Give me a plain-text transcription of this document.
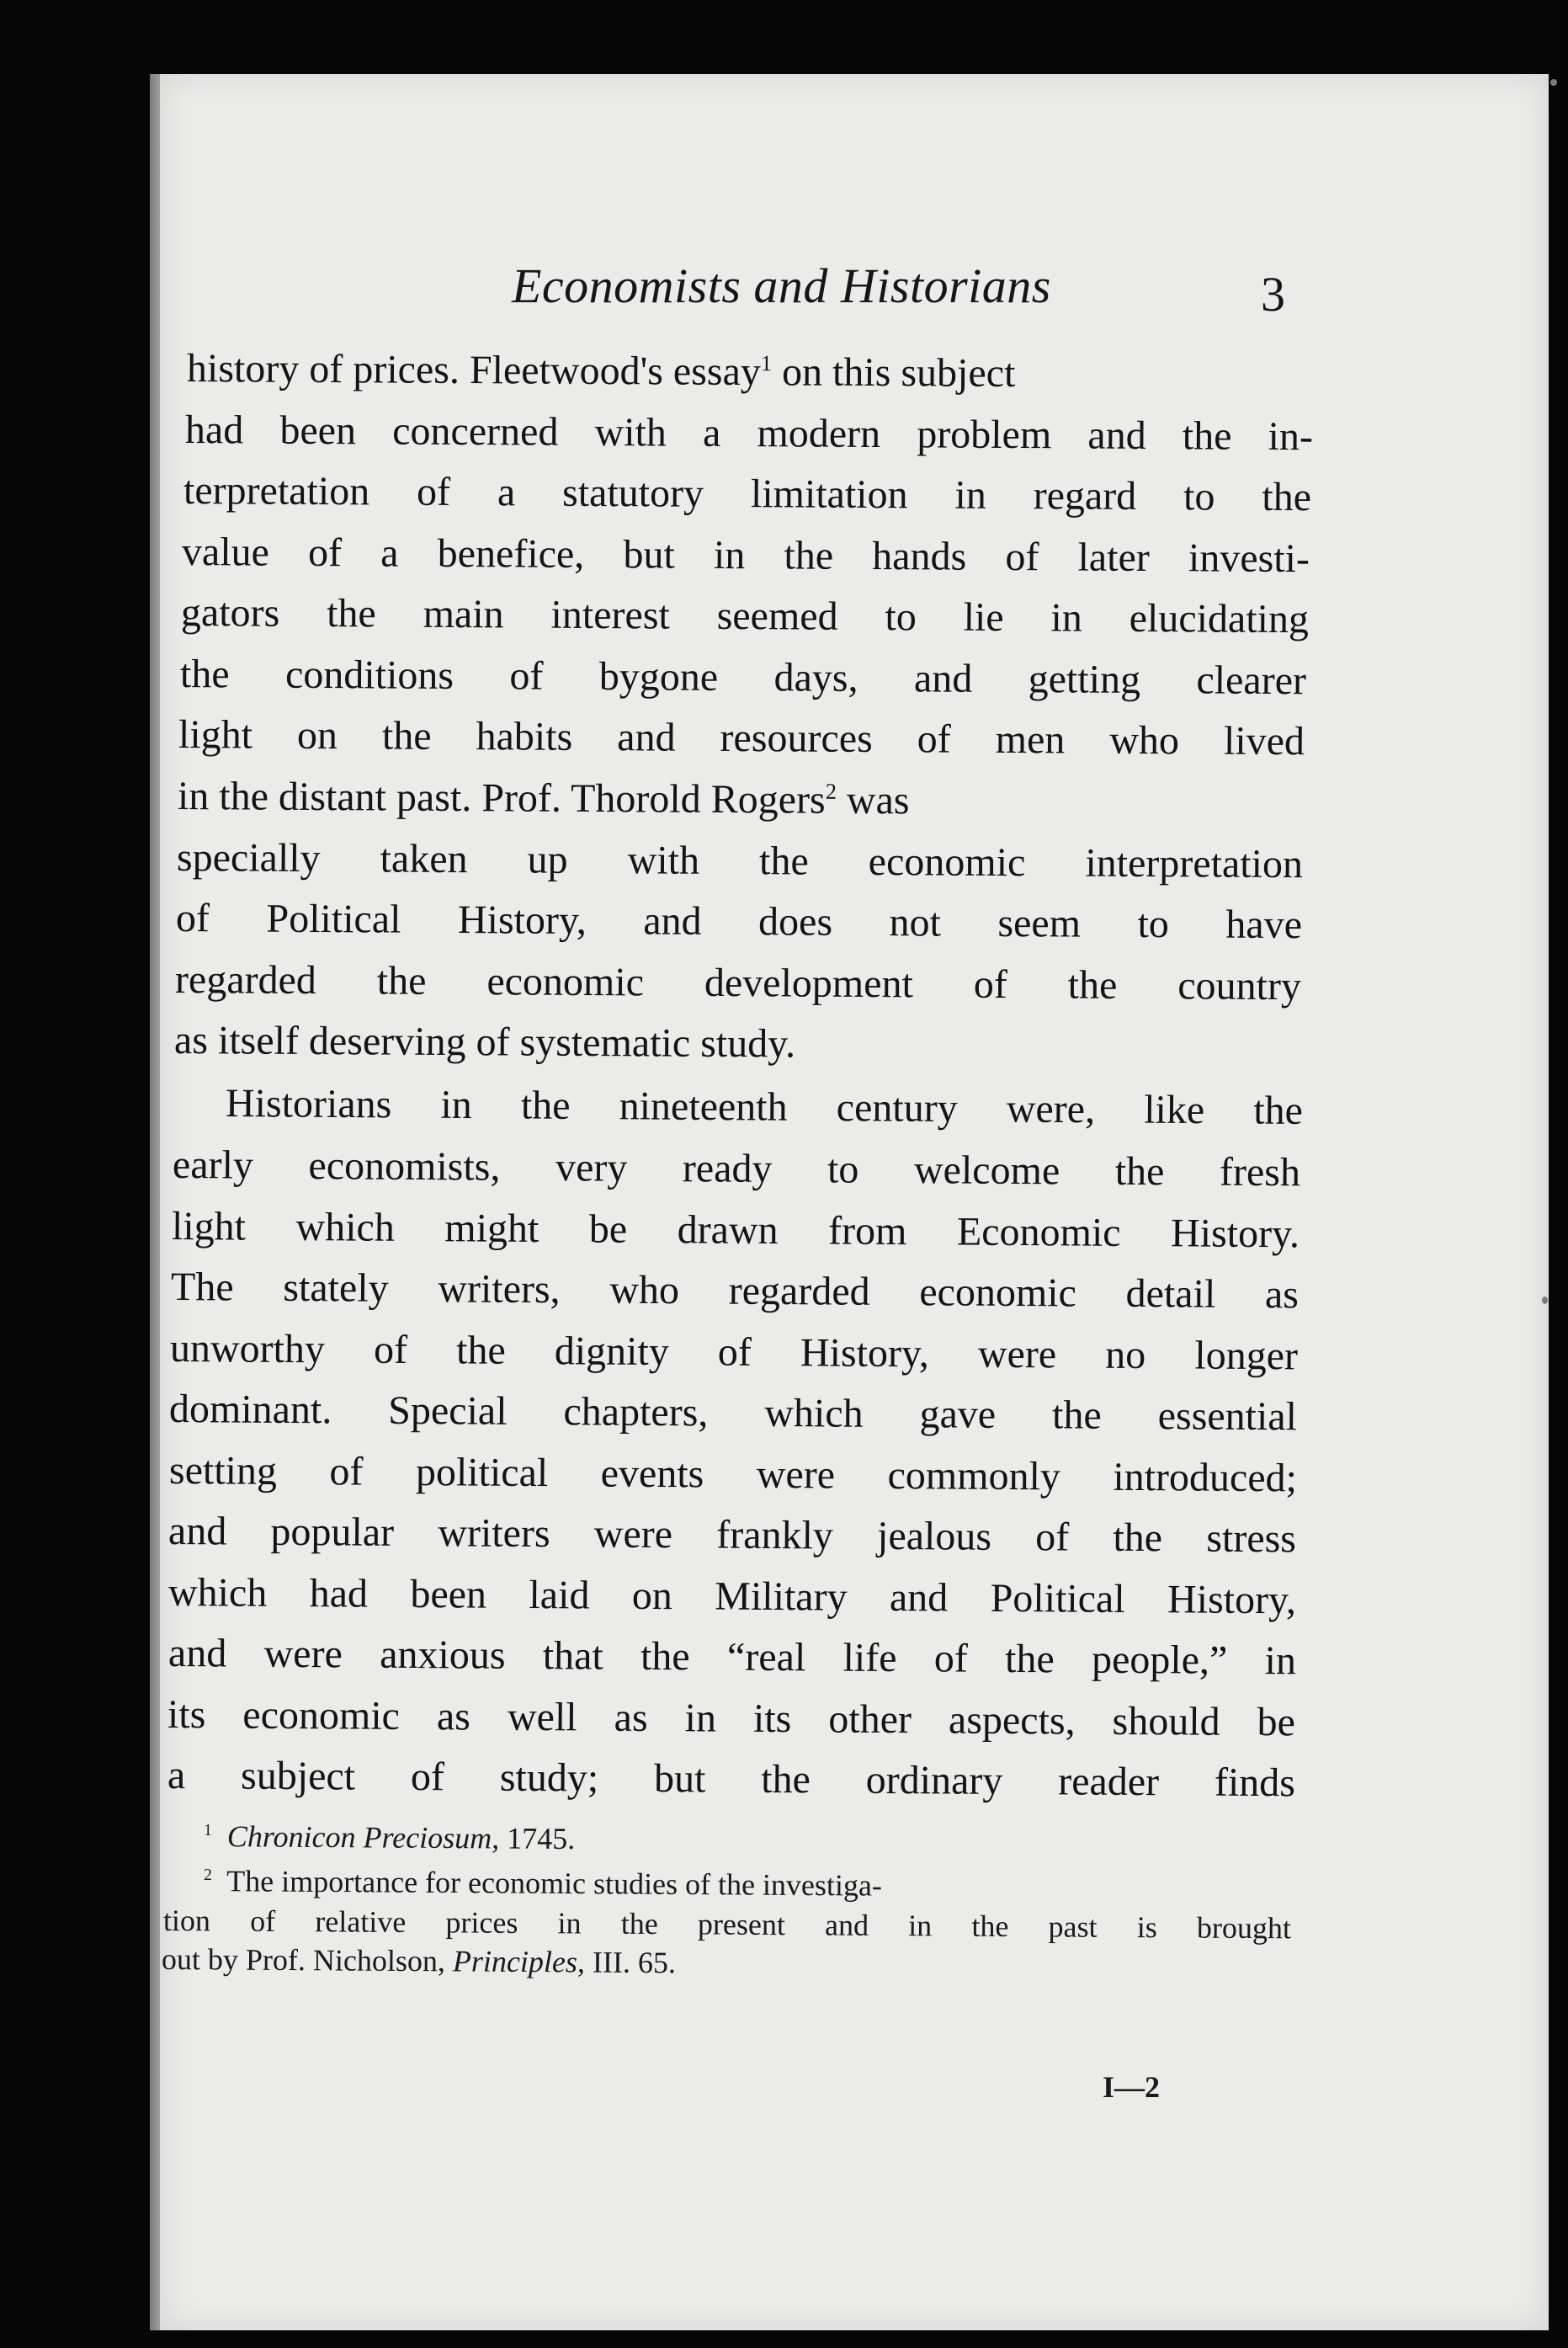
Economists and Historians	3
history of prices. Fleetwood's essay$^1$ on this subject
had been concerned with a modern problem and the in-
terpretation of a statutory limitation in regard to the
value of a benefice, but in the hands of later investi-
gators the main interest seemed to lie in elucidating
the conditions of bygone days, and getting clearer
light on the habits and resources of men who lived
in the distant past. Prof. Thorold Rogers$^2$ was
specially taken up with the economic interpretation
of Political History, and does not seem to have
regarded the economic development of the country
as itself deserving of systematic study.
Historians in the nineteenth century were, like the
early economists, very ready to welcome the fresh
light which might be drawn from Economic History.
The stately writers, who regarded economic detail as
unworthy of the dignity of History, were no longer
dominant. Special chapters, which gave the essential
setting of political events were commonly introduced;
and popular writers were frankly jealous of the stress
which had been laid on Military and Political History,
and were anxious that the “real life of the people,” in
its economic as well as in its other aspects, should be
a subject of study; but the ordinary reader finds
$^1$ Chronicon Preciosum, 1745.
$^2$ The importance for economic studies of the investiga-
tion of relative prices in the present and in the past is brought
out by Prof. Nicholson, Principles, III. 65.
I—2
